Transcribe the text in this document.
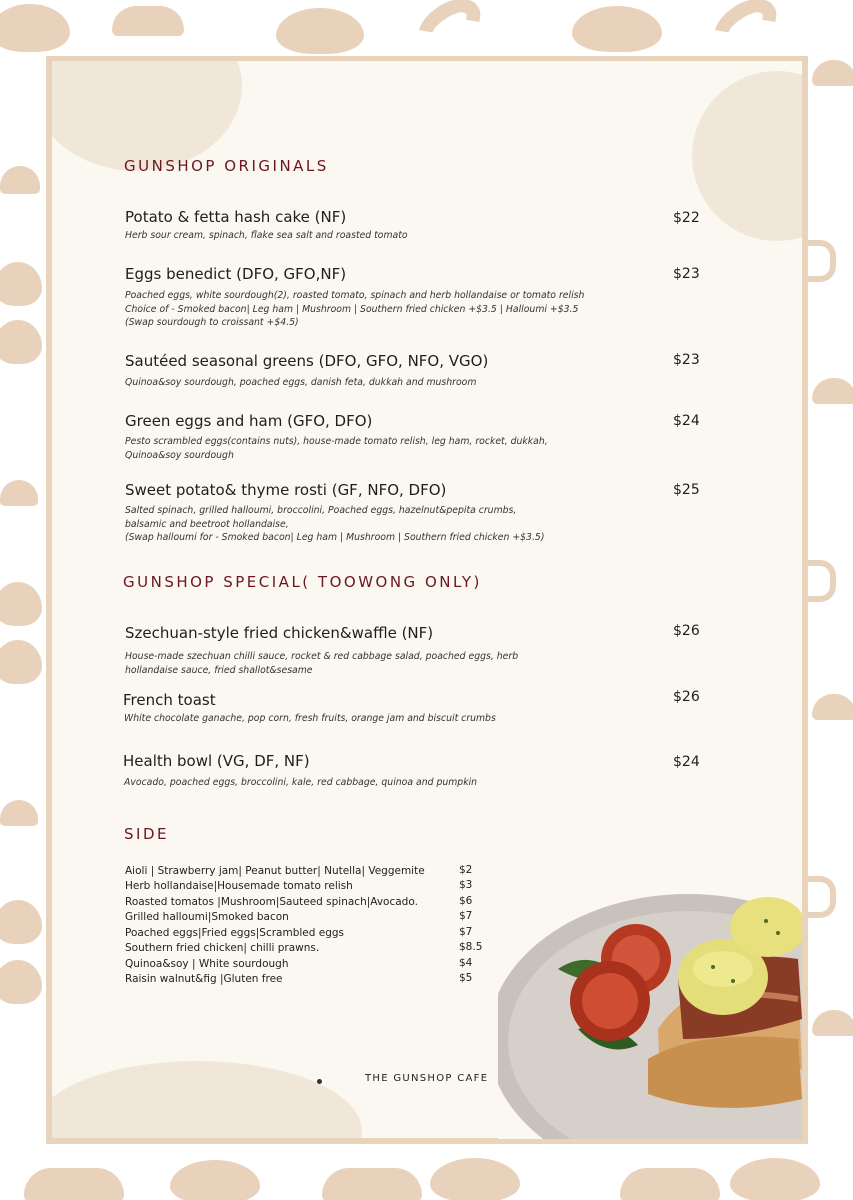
GUNSHOP ORIGINALS
Potato & fetta hash cake (NF)	$22
Herb sour cream, spinach, flake sea salt and roasted tomato
Eggs benedict (DFO, GFO,NF)	$23
Poached eggs, white sourdough(2), roasted tomato, spinach and herb hollandaise or tomato relish
Choice of - Smoked bacon| Leg ham | Mushroom | Southern fried chicken +$3.5 | Halloumi +$3.5
(Swap sourdough to croissant +$4.5)
Sautéed seasonal greens (DFO, GFO, NFO, VGO)	$23
Quinoa&soy sourdough, poached eggs, danish feta, dukkah and mushroom
Green eggs and ham (GFO, DFO)	$24
Pesto scrambled eggs(contains nuts), house-made tomato relish, leg ham, rocket, dukkah,
Quinoa&soy sourdough
Sweet potato& thyme rosti (GF, NFO, DFO)	$25
Salted spinach, grilled halloumi, broccolini, Poached eggs, hazelnut&pepita crumbs,
balsamic and beetroot hollandaise,
(Swap halloumi for - Smoked bacon| Leg ham | Mushroom | Southern fried chicken +$3.5)
GUNSHOP SPECIAL( TOOWONG ONLY)
Szechuan-style fried chicken&waffle (NF)	$26
House-made szechuan chilli sauce, rocket & red cabbage salad, poached eggs, herb
hollandaise sauce, fried shallot&sesame
French toast	$26
White chocolate ganache, pop corn, fresh fruits, orange jam and biscuit crumbs
Health bowl (VG, DF, NF)	$24
Avocado, poached eggs, broccolini, kale, red cabbage, quinoa and pumpkin
SIDE
Aioli | Strawberry jam| Peanut butter| Nutella| Veggemite	$2
Herb hollandaise|Housemade tomato relish	$3
Roasted tomatos |Mushroom|Sauteed spinach|Avocado.	$6
Grilled halloumi|Smoked bacon	$7
Poached eggs|Fried eggs|Scrambled eggs	$7
Southern fried chicken| chilli prawns.	$8.5
Quinoa&soy | White sourdough	$4
Raisin walnut&fig |Gluten free	$5
THE GUNSHOP CAFE
